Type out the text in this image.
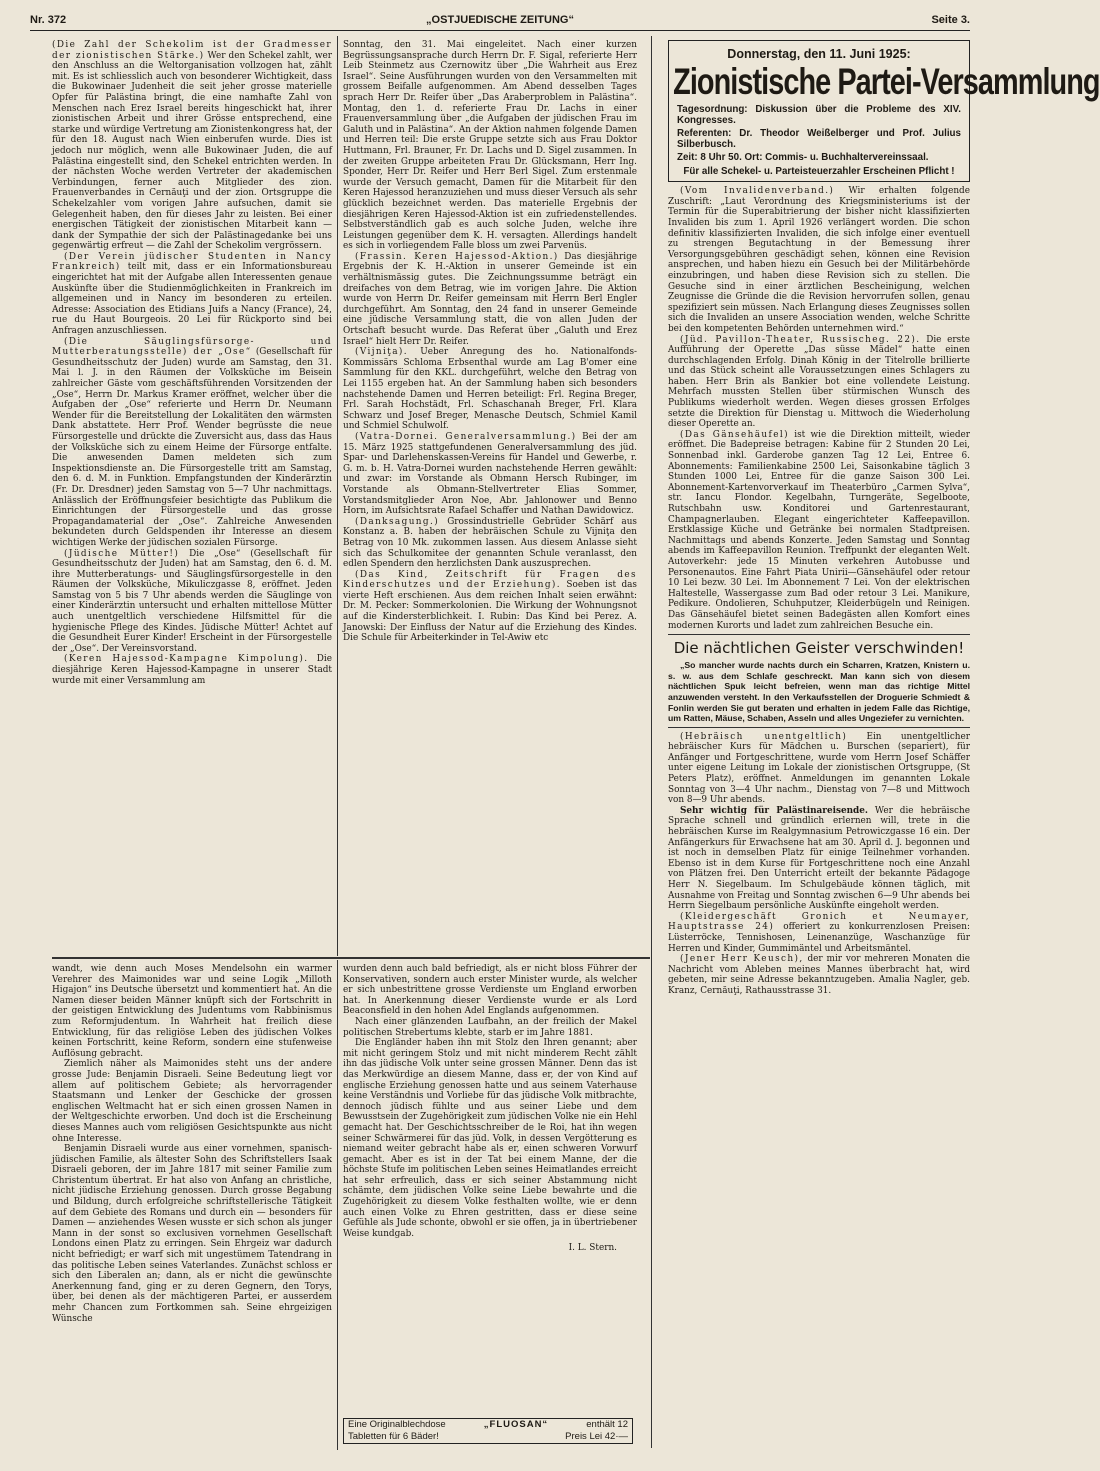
Nr. 372	„OSTJUEDISCHE ZEITUNG“	Seite 3.

(Die Zahl der Schekolim ist der Gradmesser der zionistischen Stärke.) Wer den Schekel zahlt, wer den Anschluss an die Weltorganisation vollzogen hat, zählt mit. Es ist schliesslich auch von besonderer Wichtigkeit, dass die Bukowinaer Judenheit die seit jeher grosse materielle Opfer für Palästina bringt, die eine namhafte Zahl von Menschen nach Erez Israel bereits hingeschickt hat, ihrer zionistischen Arbeit und ihrer Grösse entsprechend, eine starke und würdige Vertretung am Zionistenkongress hat, der für den 18. August nach Wien einberufen wurde. Dies ist jedoch nur möglich, wenn alle Bukowinaer Juden, die auf Palästina eingestellt sind, den Schekel entrichten werden. In der nächsten Woche werden Vertreter der akademischen Verbindungen, ferner auch Mitglieder des zion. Frauenverbandes in Cernăuţi und der zion. Ortsgruppe die Schekelzahler vom vorigen Jahre aufsuchen, damit sie Gelegenheit haben, den für dieses Jahr zu leisten. Bei einer energischen Tätigkeit der zionistischen Mitarbeit kann — dank der Sympathie der sich der Palästinagedanke bei uns gegenwärtig erfreut — die Zahl der Schekolim vergrössern.

(Der Verein jüdischer Studenten in Nancy Frankreich) teilt mit, dass er ein Informationsbureau eingerichtet hat mit der Aufgabe allen Interessenten genaue Auskünfte über die Studienmöglichkeiten in Frankreich im allgemeinen und in Nancy im besonderen zu erteilen. Adresse: Association des Etidians Juifs a Nancy (France), 24, rue du Haut Bourgeois. 20 Lei für Rückporto sind bei Anfragen anzuschliessen.

(Die Säuglingsfürsorge- und Mutterberatungsstelle) der „Ose“ (Gesellschaft für Gesundheitsschutz der Juden) wurde am Samstag, den 31. Mai l. J. in den Räumen der Volksküche im Beisein zahlreicher Gäste vom geschäftsführenden Vorsitzenden der „Ose“, Herrn Dr. Markus Kramer eröffnet, welcher über die Aufgaben der „Ose“ referierte und Herrn Dr. Neumann Wender für die Bereitstellung der Lokalitäten den wärmsten Dank abstattete. Herr Prof. Wender begrüsste die neue Fürsorgestelle und drückte die Zuversicht aus, dass das Haus der Volksküche sich zu einem Heime der Fürsorge entfalte. Die anwesenden Damen meldeten sich zum Inspektionsdienste an. Die Fürsorgestelle tritt am Samstag, den 6. d. M. in Funktion. Empfangstunden der Kinderärztin (Fr. Dr. Dresdner) jeden Samstag von 5—7 Uhr nachmittags. Anlässlich der Eröffnungsfeier besichtigte das Publikum die Einrichtungen der Fürsorgestelle und das grosse Propagandamaterial der „Ose“. Zahlreiche Anwesenden bekundeten durch Geldspenden ihr Interesse an diesem wichtigen Werke der jüdischen sozialen Fürsorge.

(Jüdische Mütter!) Die „Ose“ (Gesellschaft für Gesundheitsschutz der Juden) hat am Samstag, den 6. d. M. ihre Mutterberatungs- und Säuglingsfürsorgestelle in den Räumen der Volksküche, Mikuliczgasse 8, eröffnet. Jeden Samstag von 5 bis 7 Uhr abends werden die Säuglinge von einer Kinderärztin untersucht und erhalten mittellose Mütter auch unentgeltlich verschiedene Hilfsmittel für die hygienische Pflege des Kindes. Jüdische Mütter! Achtet auf die Gesundheit Eurer Kinder! Erscheint in der Fürsorgestelle der „Ose“. Der Vereinsvorstand.

(Keren Hajessod-Kampagne Kimpolung). Die diesjährige Keren Hajessod-Kampagne in unserer Stadt wurde mit einer Versammlung am

Sonntag, den 31. Mai eingeleitet. Nach einer kurzen Begrüssungsansprache durch Herrn Dr. F. Sigal, referierte Herr Leib Steinmetz aus Czernowitz über „Die Wahrheit aus Erez Israel“. Seine Ausführungen wurden von den Versammelten mit grossem Beifalle aufgenommen. Am Abend desselben Tages sprach Herr Dr. Reifer über „Das Araberproblem in Palästina“. Montag, den 1. d. referierte Frau Dr. Lachs in einer Frauenversammlung über „die Aufgaben der jüdischen Frau im Galuth und in Palästina“. An der Aktion nahmen folgende Damen und Herren teil: Die erste Gruppe setzte sich aus Frau Doktor Huttmann, Frl. Brauner, Fr. Dr. Lachs und D. Sigel zusammen. In der zweiten Gruppe arbeiteten Frau Dr. Glücksmann, Herr Ing. Sponder, Herr Dr. Reifer und Herr Berl Sigel. Zum erstenmale wurde der Versuch gemacht, Damen für die Mitarbeit für den Keren Hajessod heranzuziehen und muss dieser Versuch als sehr glücklich bezeichnet werden. Das materielle Ergebnis der diesjährigen Keren Hajessod-Aktion ist ein zufriedenstellendes. Selbstverständlich gab es auch solche Juden, welche ihre Leistungen gegenüber dem K. H. versagten. Allerdings handelt es sich in vorliegendem Falle bloss um zwei Parvenüs.

(Frassin. Keren Hajessod-Aktion.) Das diesjährige Ergebnis der K. H.-Aktion in unserer Gemeinde ist ein verhältnismässig gutes. Die Zeichnungssumme beträgt ein dreifaches von dem Betrag, wie im vorigen Jahre. Die Aktion wurde von Herrn Dr. Reifer gemeinsam mit Herrn Berl Engler durchgeführt. Am Sonntag, den 24 fand in unserer Gemeinde eine jüdische Versammlung statt, die von allen Juden der Ortschaft besucht wurde. Das Referat über „Galuth und Erez Israel“ hielt Herr Dr. Reifer.

(Vijniţa). Ueber Anregung des ho. Nationalfonds-Kommissärs Schloma Erbsenthal wurde am Lag B'omer eine Sammlung für den KKL. durchgeführt, welche den Betrag von Lei 1155 ergeben hat. An der Sammlung haben sich besonders nachstehende Damen und Herren beteiligt: Frl. Regina Breger, Frl. Sarah Hochstädt, Frl. Schaschanah Breger, Frl. Klara Schwarz und Josef Breger, Menasche Deutsch, Schmiel Kamil und Schmiel Schulwolf.

(Vatra-Dornei. Generalversammlung.) Bei der am 15. März 1925 stattgefundenen Generalversammlung des jüd. Spar- und Darlehenskassen-Vereins für Handel und Gewerbe, r. G. m. b. H. Vatra-Dornei wurden nachstehende Herren gewählt: und zwar: im Vorstande als Obmann Hersch Rubinger, im Vorstande als Obmann-Stellvertreter Elias Sommer, Vorstandsmitglieder Aron Noe, Abr. Jahlonower und Benno Horn, im Aufsichtsrate Rafael Schaffer und Nathan Dawidowicz.

(Danksagung.) Grossindustrielle Gebrüder Schärf aus Konstanz a. B. haben der hebräischen Schule zu Vijniţa den Betrag von 10 Mk. zukommen lassen. Aus diesem Anlasse sieht sich das Schulkomitee der genannten Schule veranlasst, den edlen Spendern den herzlichsten Dank auszusprechen.

(Das Kind, Zeitschrift für Fragen des Kinderschutzes und der Erziehung). Soeben ist das vierte Heft erschienen. Aus dem reichen Inhalt seien erwähnt: Dr. M. Pecker: Sommerkolonien. Die Wirkung der Wohnungsnot auf die Kindersterblichkeit. I. Rubin: Das Kind bei Perez. A. Janowski: Der Einfluss der Natur auf die Erziehung des Kindes. Die Schule für Arbeiterkinder in Tel-Awiw etc

Donnerstag, den 11. Juni 1925:
Zionistische Partei-Versammlung
Tagesordnung: Diskussion über die Probleme des XIV. Kongresses.
Referenten: Dr. Theodor Weißelberger und Prof. Julius Silberbusch.
Zeit: 8 Uhr 50. Ort: Commis- u. Buchhaltervereinssaal.
Für alle Schekel- u. Parteisteuerzahler Erscheinen Pflicht !

(Vom Invalidenverband.) Wir erhalten folgende Zuschrift: „Laut Verordnung des Kriegsministeriums ist der Termin für die Superabitrierung der bisher nicht klassifizierten Invaliden bis zum 1. April 1926 verlängert worden. Die schon definitiv klassifizierten Invaliden, die sich infolge einer eventuell zu strengen Begutachtung in der Bemessung ihrer Versorgungsgebühren geschädigt sehen, können eine Revision ansprechen, und haben hiezu ein Gesuch bei der Militärbehörde einzubringen, und haben diese Revision sich zu stellen. Die Gesuche sind in einer ärztlichen Bescheinigung, welchen Zeugnisse die Gründe die die Revision hervorrufen sollen, genau spezifiziert sein müssen. Nach Erlangung dieses Zeugnisses sollen sich die Invaliden an unsere Association wenden, welche Schritte bei den kompetenten Behörden unternehmen wird.“

(Jüd. Pavillon-Theater, Russischeg. 22). Die erste Aufführung der Operette „Das süsse Mädel“ hatte einen durchschlagenden Erfolg. Dinah König in der Titelrolle brillierte und das Stück scheint alle Voraussetzungen eines Schlagers zu haben. Herr Brin als Bankier bot eine vollendete Leistung. Mehrfach mussten Stellen über stürmischen Wunsch des Publikums wiederholt werden. Wegen dieses grossen Erfolges setzte die Direktion für Dienstag u. Mittwoch die Wiederholung dieser Operette an.

(Das Gänsehäufel) ist wie die Direktion mitteilt, wieder eröffnet. Die Badepreise betragen: Kabine für 2 Stunden 20 Lei, Sonnenbad inkl. Garderobe ganzen Tag 12 Lei, Entree 6. Abonnements: Familienkabine 2500 Lei, Saisonkabine täglich 3 Stunden 1000 Lei, Entree für die ganze Saison 300 Lei. Abonnement-Kartenvorverkauf im Theaterbüro „Carmen Sylva“, str. Iancu Flondor. Kegelbahn, Turngeräte, Segelboote, Rutschbahn usw. Konditorei und Gartenrestaurant, Champagnerlauben. Elegant eingerichteter Kaffeepavillon. Erstklassige Küche und Getränke bei normalen Stadtpreisen. Nachmittags und abends Konzerte. Jeden Samstag und Sonntag abends im Kaffeepavillon Reunion. Treffpunkt der eleganten Welt. Autoverkehr: jede 15 Minuten verkehren Autobusse und Personenautos. Eine Fahrt Piata Unirii—Gänsehäufel oder retour 10 Lei bezw. 30 Lei. Im Abonnement 7 Lei. Von der elektrischen Haltestelle, Wassergasse zum Bad oder retour 3 Lei. Manikure, Pedikure. Ondolieren, Schuhputzer, Kleiderbügeln und Reinigen. Das Gänsehäufel bietet seinen Badegästen allen Komfort eines modernen Kurorts und ladet zum zahlreichen Besuche ein.

Die nächtlichen Geister verschwinden!

„So mancher wurde nachts durch ein Scharren, Kratzen, Knistern u. s. w. aus dem Schlafe geschreckt. Man kann sich von diesem nächtlichen Spuk leicht befreien, wenn man das richtige Mittel anzuwenden versteht. In den Verkaufsstellen der Droguerie Schmiedt & Fonlin werden Sie gut beraten und erhalten in jedem Falle das Richtige, um Ratten, Mäuse, Schaben, Asseln und alles Ungeziefer zu vernichten.

(Hebräisch unentgeltlich) Ein unentgeltlicher hebräischer Kurs für Mädchen u. Burschen (separiert), für Anfänger und Fortgeschrittene, wurde vom Herrn Josef Schäffer unter eigene Leitung im Lokale der zionistischen Ortsgruppe, (St Peters Platz), eröffnet. Anmeldungen im genannten Lokale Sonntag von 3—4 Uhr nachm., Dienstag von 7—8 und Mittwoch von 8—9 Uhr abends.

Sehr wichtig für Palästinareisende. Wer die hebräische Sprache schnell und gründlich erlernen will, trete in die hebräischen Kurse im Realgymnasium Petrowiczgasse 16 ein. Der Anfängerkurs für Erwachsene hat am 30. April d. J. begonnen und ist noch in demselben Platz für einige Teilnehmer vorhanden. Ebenso ist in dem Kurse für Fortgeschrittene noch eine Anzahl von Plätzen frei. Den Unterricht erteilt der bekannte Pädagoge Herr N. Siegelbaum. Im Schulgebäude können täglich, mit Ausnahme von Freitag und Sonntag zwischen 6—9 Uhr abends bei Herrn Siegelbaum persönliche Auskünfte eingeholt werden.

(Kleidergeschäft Gronich et Neumayer, Hauptstrasse 24) offeriert zu konkurrenzlosen Preisen: Lüsterröcke, Tennishosen, Leinenanzüge, Waschanzüge für Herren und Kinder, Gummimäntel und Arbeitsmäntel.

(Jener Herr Keusch), der mir vor mehreren Monaten die Nachricht vom Ableben meines Mannes überbracht hat, wird gebeten, mir seine Adresse bekanntzugeben. Amalia Nagler, geb. Kranz, Cernăuţi, Rathausstrasse 31.

wandt, wie denn auch Moses Mendelsohn ein warmer Verehrer des Maimonides war und seine Logik „Milloth Higajon“ ins Deutsche übersetzt und kommentiert hat. An die Namen dieser beiden Männer knüpft sich der Fortschritt in der geistigen Entwicklung des Judentums vom Rabbinismus zum Reformjudentum. In Wahrheit hat freilich diese Entwicklung, für das religiöse Leben des jüdischen Volkes keinen Fortschritt, keine Reform, sondern eine stufenweise Auflösung gebracht.

Ziemlich näher als Maimonides steht uns der andere grosse Jude: Benjamin Disraeli. Seine Bedeutung liegt vor allem auf politischem Gebiete; als hervorragender Staatsmann und Lenker der Geschicke der grossen englischen Weltmacht hat er sich einen grossen Namen in der Weltgeschichte erworben. Und doch ist die Erscheinung dieses Mannes auch vom religiösen Gesichtspunkte aus nicht ohne Interesse.

Benjamin Disraeli wurde aus einer vornehmen, spanisch-jüdischen Familie, als ältester Sohn des Schriftstellers Isaak Disraeli geboren, der im Jahre 1817 mit seiner Familie zum Christentum übertrat. Er hat also von Anfang an christliche, nicht jüdische Erziehung genossen. Durch grosse Begabung und Bildung, durch erfolgreiche schriftstellerische Tätigkeit auf dem Gebiete des Romans und durch ein — besonders für Damen — anziehendes Wesen wusste er sich schon als junger Mann in der sonst so exclusiven vornehmen Gesellschaft Londons einen Platz zu erringen. Sein Ehrgeiz war dadurch nicht befriedigt; er warf sich mit ungestümem Tatendrang in das politische Leben seines Vaterlandes. Zunächst schloss er sich den Liberalen an; dann, als er nicht die gewünschte Anerkennung fand, ging er zu deren Gegnern, den Torys, über, bei denen als der mächtigeren Partei, er ausserdem mehr Chancen zum Fortkommen sah. Seine ehrgeizigen Wünsche

wurden denn auch bald befriedigt, als er nicht bloss Führer der Konservativen, sondern auch erster Minister wurde, als welcher er sich unbestrittene grosse Verdienste um England erworben hat. In Anerkennung dieser Verdienste wurde er als Lord Beaconsfield in den hohen Adel Englands aufgenommen.

Nach einer glänzenden Laufbahn, an der freilich der Makel politischen Strebertums klebte, starb er im Jahre 1881.

Die Engländer haben ihn mit Stolz den Ihren genannt; aber mit nicht geringem Stolz und mit nicht minderem Recht zählt ihn das jüdische Volk unter seine grossen Männer. Denn das ist das Merkwürdige an diesem Manne, dass er, der von Kind auf englische Erziehung genossen hatte und aus seinem Vaterhause keine Verständnis und Vorliebe für das jüdische Volk mitbrachte, dennoch jüdisch fühlte und aus seiner Liebe und dem Bewusstsein der Zugehörigkeit zum jüdischen Volke nie ein Hehl gemacht hat. Der Geschichtsschreiber de le Roi, hat ihn wegen seiner Schwärmerei für das jüd. Volk, in dessen Vergötterung es niemand weiter gebracht habe als er, einen schweren Vorwurf gemacht. Aber es ist in der Tat bei einem Manne, der die höchste Stufe im politischen Leben seines Heimatlandes erreicht hat sehr erfreulich, dass er sich seiner Abstammung nicht schämte, dem jüdischen Volke seine Liebe bewahrte und die Zugehörigkeit zu diesem Volke festhalten wollte, wie er denn auch einen Volke zu Ehren gestritten, dass er diese seine Gefühle als Jude schonte, obwohl er sie offen, ja in übertriebener Weise kundgab.

I. L. Stern.
Eine Originalblechdose	„FLUOSAN“	enthält 12
Tabletten für 6 Bäder!	Preis Lei 42·—
